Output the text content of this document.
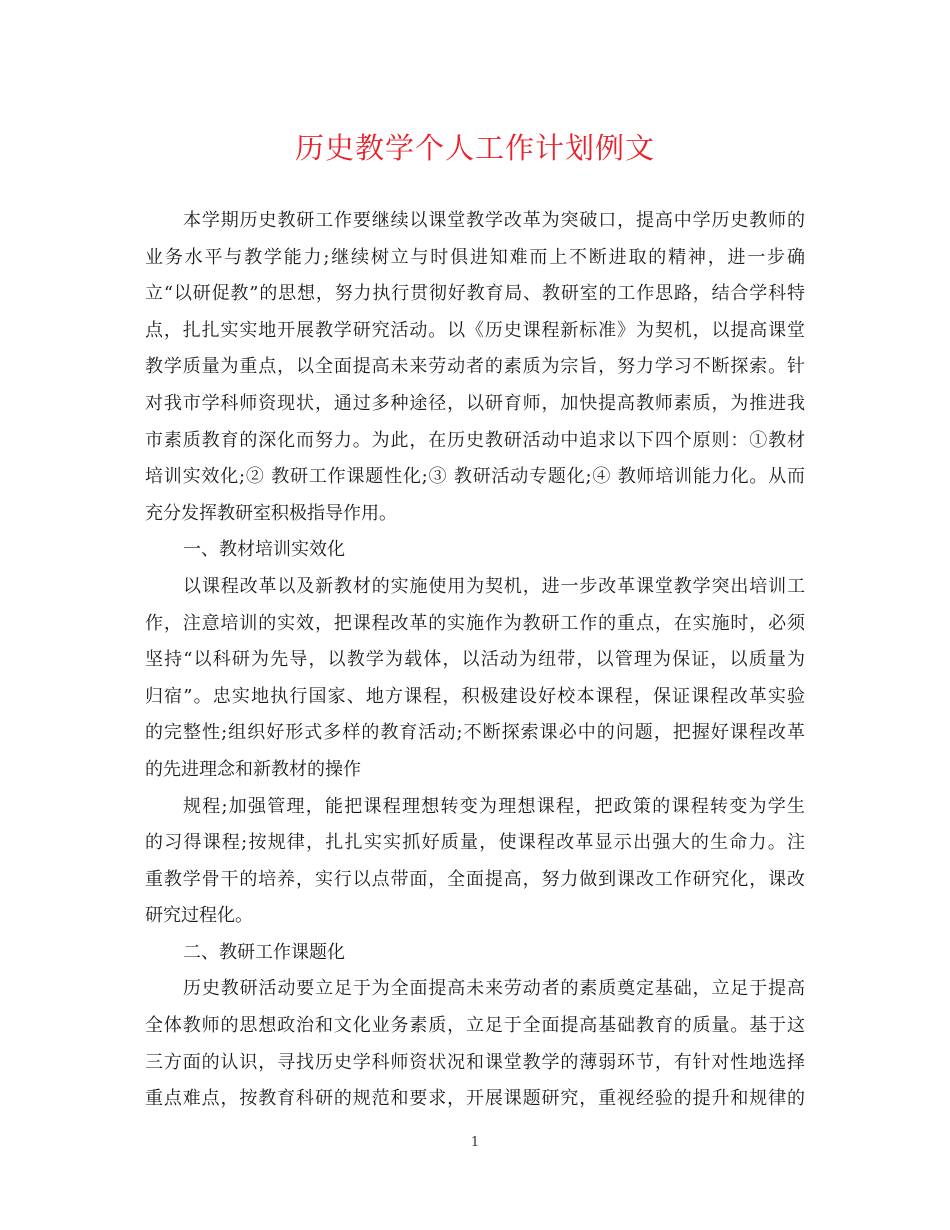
历史教学个人工作计划例文
本学期历史教研工作要继续以课堂教学改革为突破口，提高中学历史教师的
业务水平与教学能力;继续树立与时俱进知难而上不断进取的精神，进一步确
立“以研促教”的思想，努力执行贯彻好教育局、教研室的工作思路，结合学科特
点，扎扎实实地开展教学研究活动。以《历史课程新标准》为契机，以提高课堂
教学质量为重点，以全面提高未来劳动者的素质为宗旨，努力学习不断探索。针
对我市学科师资现状，通过多种途径，以研育师，加快提高教师素质，为推进我
市素质教育的深化而努力。为此，在历史教研活动中追求以下四个原则：①教材
培训实效化;② 教研工作课题性化;③ 教研活动专题化;④ 教师培训能力化。从而
充分发挥教研室积极指导作用。
一、教材培训实效化
以课程改革以及新教材的实施使用为契机，进一步改革课堂教学突出培训工
作，注意培训的实效，把课程改革的实施作为教研工作的重点，在实施时，必须
坚持“以科研为先导，以教学为载体，以活动为纽带，以管理为保证，以质量为
归宿”。忠实地执行国家、地方课程，积极建设好校本课程，保证课程改革实验
的完整性;组织好形式多样的教育活动;不断探索课必中的问题，把握好课程改革
的先进理念和新教材的操作
规程;加强管理，能把课程理想转变为理想课程，把政策的课程转变为学生
的习得课程;按规律，扎扎实实抓好质量，使课程改革显示出强大的生命力。注
重教学骨干的培养，实行以点带面，全面提高，努力做到课改工作研究化，课改
研究过程化。
二、教研工作课题化
历史教研活动要立足于为全面提高未来劳动者的素质奠定基础，立足于提高
全体教师的思想政治和文化业务素质，立足于全面提高基础教育的质量。基于这
三方面的认识，寻找历史学科师资状况和课堂教学的薄弱环节，有针对性地选择
重点难点，按教育科研的规范和要求，开展课题研究，重视经验的提升和规律的
1
